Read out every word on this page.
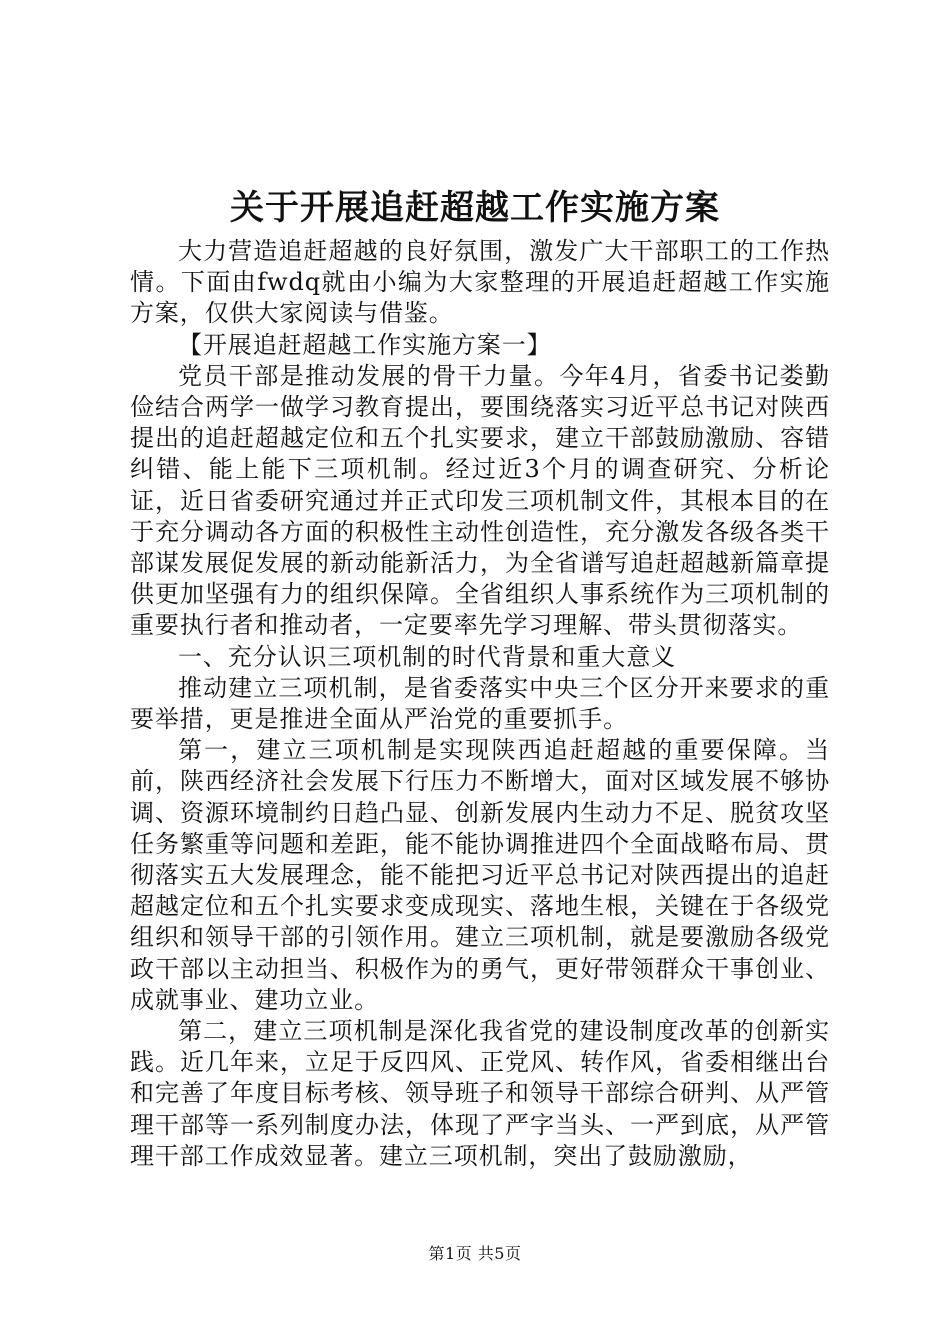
关于开展追赶超越工作实施方案

大力营造追赶超越的良好氛围，激发广大干部职工的工作热情。下面由fwdq就由小编为大家整理的开展追赶超越工作实施方案，仅供大家阅读与借鉴。

【开展追赶超越工作实施方案一】

党员干部是推动发展的骨干力量。今年4月，省委书记娄勤俭结合两学一做学习教育提出，要围绕落实习近平总书记对陕西提出的追赶超越定位和五个扎实要求，建立干部鼓励激励、容错纠错、能上能下三项机制。经过近3个月的调查研究、分析论证，近日省委研究通过并正式印发三项机制文件，其根本目的在于充分调动各方面的积极性主动性创造性，充分激发各级各类干部谋发展促发展的新动能新活力，为全省谱写追赶超越新篇章提供更加坚强有力的组织保障。全省组织人事系统作为三项机制的重要执行者和推动者，一定要率先学习理解、带头贯彻落实。

一、充分认识三项机制的时代背景和重大意义

推动建立三项机制，是省委落实中央三个区分开来要求的重要举措，更是推进全面从严治党的重要抓手。

第一，建立三项机制是实现陕西追赶超越的重要保障。当前，陕西经济社会发展下行压力不断增大，面对区域发展不够协调、资源环境制约日趋凸显、创新发展内生动力不足、脱贫攻坚任务繁重等问题和差距，能不能协调推进四个全面战略布局、贯彻落实五大发展理念，能不能把习近平总书记对陕西提出的追赶超越定位和五个扎实要求变成现实、落地生根，关键在于各级党组织和领导干部的引领作用。建立三项机制，就是要激励各级党政干部以主动担当、积极作为的勇气，更好带领群众干事创业、成就事业、建功立业。

第二，建立三项机制是深化我省党的建设制度改革的创新实践。近几年来，立足于反四风、正党风、转作风，省委相继出台和完善了年度目标考核、领导班子和领导干部综合研判、从严管理干部等一系列制度办法，体现了严字当头、一严到底，从严管理干部工作成效显著。建立三项机制，突出了鼓励激励，

第1页 共5页
